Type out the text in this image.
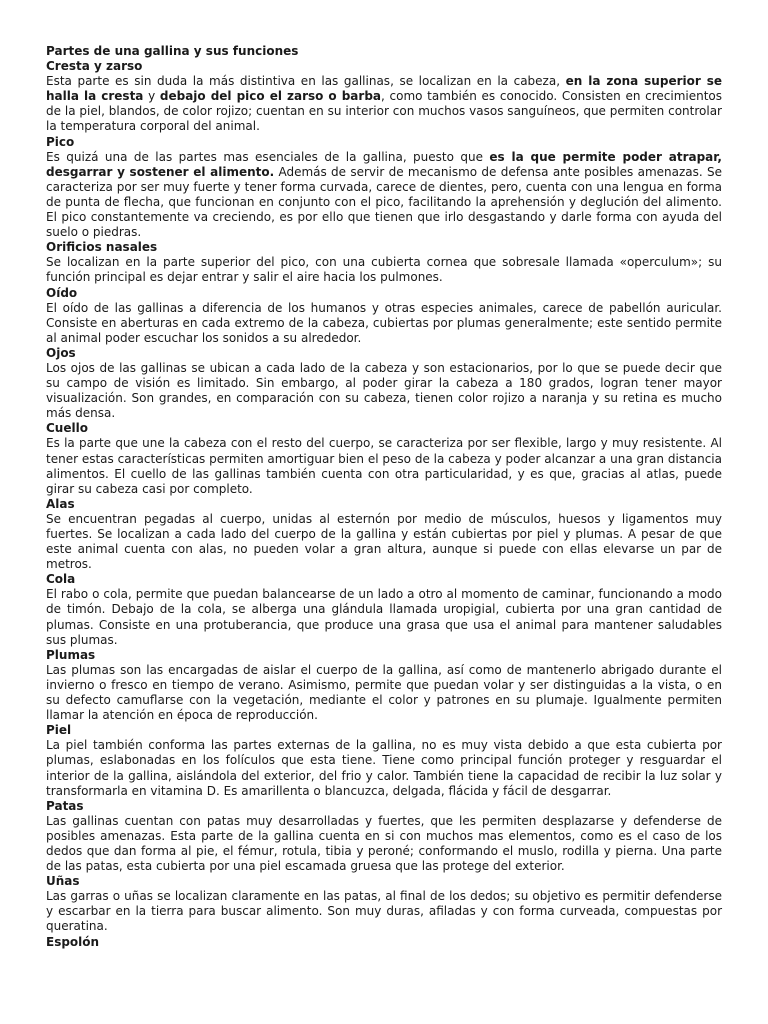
Partes de una gallina y sus funciones
Cresta y zarso

Esta parte es sin duda la más distintiva en las gallinas, se localizan en la cabeza, en la zona superior se halla la cresta y debajo del pico el zarso o barba, como también es conocido. Consisten en crecimientos de la piel, blandos, de color rojizo; cuentan en su interior con muchos vasos sanguíneos, que permiten controlar la temperatura corporal del animal.

Pico

Es quizá una de las partes mas esenciales de la gallina, puesto que es la que permite poder atrapar, desgarrar y sostener el alimento. Además de servir de mecanismo de defensa ante posibles amenazas. Se caracteriza por ser muy fuerte y tener forma curvada, carece de dientes, pero, cuenta con una lengua en forma de punta de flecha, que funcionan en conjunto con el pico, facilitando la aprehensión y deglución del alimento. El pico constantemente va creciendo, es por ello que tienen que irlo desgastando y darle forma con ayuda del suelo o piedras.

Orificios nasales

Se localizan en la parte superior del pico, con una cubierta cornea que sobresale llamada «operculum»; su función principal es dejar entrar y salir el aire hacia los pulmones.

Oído

El oído de las gallinas a diferencia de los humanos y otras especies animales, carece de pabellón auricular. Consiste en aberturas en cada extremo de la cabeza, cubiertas por plumas generalmente; este sentido permite al animal poder escuchar los sonidos a su alrededor.

Ojos

Los ojos de las gallinas se ubican a cada lado de la cabeza y son estacionarios, por lo que se puede decir que su campo de visión es limitado. Sin embargo, al poder girar la cabeza a 180 grados, logran tener mayor visualización. Son grandes, en comparación con su cabeza, tienen color rojizo a naranja y su retina es mucho más densa.

Cuello

Es la parte que une la cabeza con el resto del cuerpo, se caracteriza por ser flexible, largo y muy resistente. Al tener estas características permiten amortiguar bien el peso de la cabeza y poder alcanzar a una gran distancia alimentos. El cuello de las gallinas también cuenta con otra particularidad, y es que, gracias al atlas, puede girar su cabeza casi por completo.

Alas

Se encuentran pegadas al cuerpo, unidas al esternón por medio de músculos, huesos y ligamentos muy fuertes. Se localizan a cada lado del cuerpo de la gallina y están cubiertas por piel y plumas. A pesar de que este animal cuenta con alas, no pueden volar a gran altura, aunque si puede con ellas elevarse un par de metros.

Cola

El rabo o cola, permite que puedan balancearse de un lado a otro al momento de caminar, funcionando a modo de timón. Debajo de la cola, se alberga una glándula llamada uropigial, cubierta por una gran cantidad de plumas. Consiste en una protuberancia, que produce una grasa que usa el animal para mantener saludables sus plumas.

Plumas

Las plumas son las encargadas de aislar el cuerpo de la gallina, así como de mantenerlo abrigado durante el invierno o fresco en tiempo de verano. Asimismo, permite que puedan volar y ser distinguidas a la vista, o en su defecto camuflarse con la vegetación, mediante el color y patrones en su plumaje. Igualmente permiten llamar la atención en época de reproducción.

Piel

La piel también conforma las partes externas de la gallina, no es muy vista debido a que esta cubierta por plumas, eslabonadas en los folículos que esta tiene. Tiene como principal función proteger y resguardar el interior de la gallina, aislándola del exterior, del frio y calor. También tiene la capacidad de recibir la luz solar y transformarla en vitamina D. Es amarillenta o blancuzca, delgada, flácida y fácil de desgarrar.

Patas

Las gallinas cuentan con patas muy desarrolladas y fuertes, que les permiten desplazarse y defenderse de posibles amenazas. Esta parte de la gallina cuenta en si con muchos mas elementos, como es el caso de los dedos que dan forma al pie, el fémur, rotula, tibia y peroné; conformando el muslo, rodilla y pierna. Una parte de las patas, esta cubierta por una piel escamada gruesa que las protege del exterior.

Uñas

Las garras o uñas se localizan claramente en las patas, al final de los dedos; su objetivo es permitir defenderse y escarbar en la tierra para buscar alimento. Son muy duras, afiladas y con forma curveada, compuestas por queratina.

Espolón
